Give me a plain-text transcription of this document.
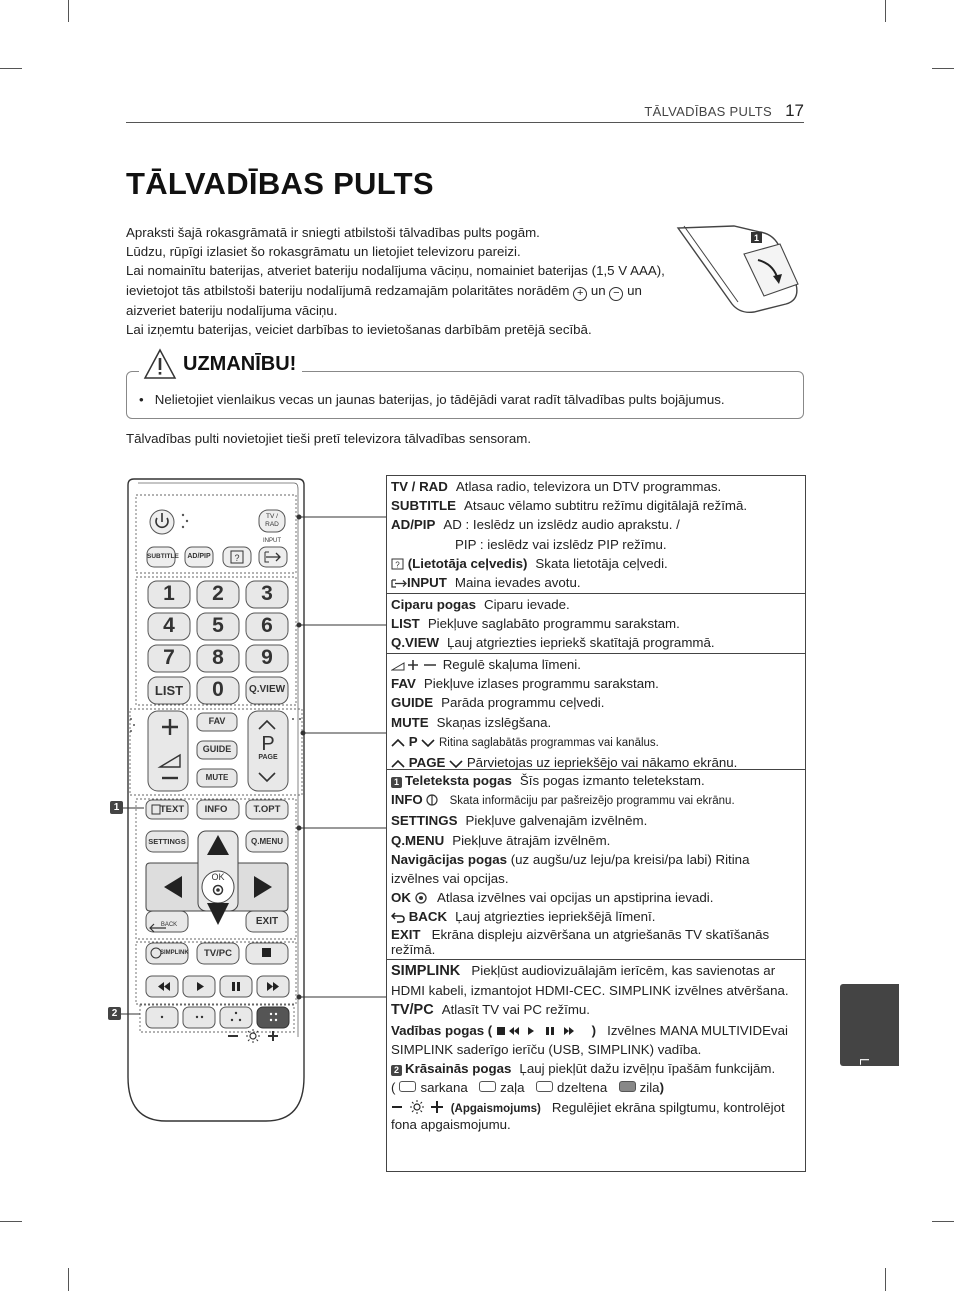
TĀLVADĪBAS PULTS 17
TĀLVADĪBAS PULTS

Apraksti šajā rokasgrāmatā ir sniegti atbilstoši tālvadības pults pogām.

Lūdzu, rūpīgi izlasiet šo rokasgrāmatu un lietojiet televizoru pareizi.

Lai nomainītu baterijas, atveriet bateriju nodalījuma vāciņu, nomainiet baterijas (1,5 V AAA), ievietojot tās atbilstoši bateriju nodalījumā redzamajām polaritātes norādēm + un − un aizveriet bateriju nodalījuma vāciņu.

Lai izņemtu baterijas, veiciet darbības to ievietošanas darbībām pretējā secībā.

1
UZMANĪBU!
•   Nelietojiet vienlaikus vecas un jaunas baterijas, jo tādējādi varat radīt tālvadības pults bojājumus.
Tālvadības pulti novietojiet tieši pretī televizora tālvadības sensoram.
?
TV / RAD
INPUT
SUBTITLE	AD/PIP
1	2	3
4	5	6
7	8	9
LIST	0	Q.VIEW
FAV
GUIDE
MUTE
P
PAGE
TEXT	INFO	T.OPT
SETTINGS	Q.MENU
OK
BACK	EXIT
SIMPLINK	TV/PC
1
2

TV / RAD Atlasa radio, televizora un DTV programmas.

SUBTITLE Atsauc vēlamo subtitru režīmu digitālajā režīmā.

AD/PIP AD : Ieslēdz un izslēdz audio aprakstu. /

PIP : ieslēdz vai izslēdz PIP režīmu.

? (Lietotāja ceļvedis) Skata lietotāja ceļvedi.

INPUT Maina ievades avotu.

Ciparu pogas Ciparu ievade.

LIST Piekļuve saglabāto programmu sarakstam.

Q.VIEW Ļauj atgriezties iepriekš skatītajā programmā.

Regulē skaļuma līmeni.

FAV Piekļuve izlases programmu sarakstam.

GUIDE Parāda programmu ceļvedi.

MUTE Skaņas izslēgšana.

P Ritina saglabātās programmas vai kanālus.

PAGE Pārvietojas uz iepriekšējo vai nākamo ekrānu.

1 Teleteksta pogas Šīs pogas izmanto teletekstam.

INFO Skata informāciju par pašreizējo programmu vai ekrānu.

SETTINGS Piekļuve galvenajām izvēlnēm.

Q.MENU Piekļuve ātrajām izvēlnēm.

Navigācijas pogas (uz augšu/uz leju/pa kreisi/pa labi) Ritina izvēlnes vai opcijas.

OK Atlasa izvēlnes vai opcijas un apstiprina ievadi.

BACK Ļauj atgriezties iepriekšējā līmenī.

EXIT Ekrāna displeju aizvēršana un atgriešanās TV skatīšanās režīmā.

SIMPLINK Piekļūst audiovizuālajām ierīcēm, kas savienotas ar HDMI kabeli, izmantojot HDMI-CEC. SIMPLINK izvēlnes atvēršana.

TV/PC Atlasīt TV vai PC režīmu.

Vadības pogas (	) Izvēlnes MANA MULTIVIDEvai SIMPLINK saderīgo ierīču (USB, SIMPLINK) vadība.

2 Krāsainās pogas Ļauj piekļūt dažu izvēļņu īpašām funkcijām.

( sarkana zaļa dzeltena zila)

(Apgaismojums) Regulējiet ekrāna spilgtumu, kontrolējot fona apgaismojumu.

LATVIEŠU
